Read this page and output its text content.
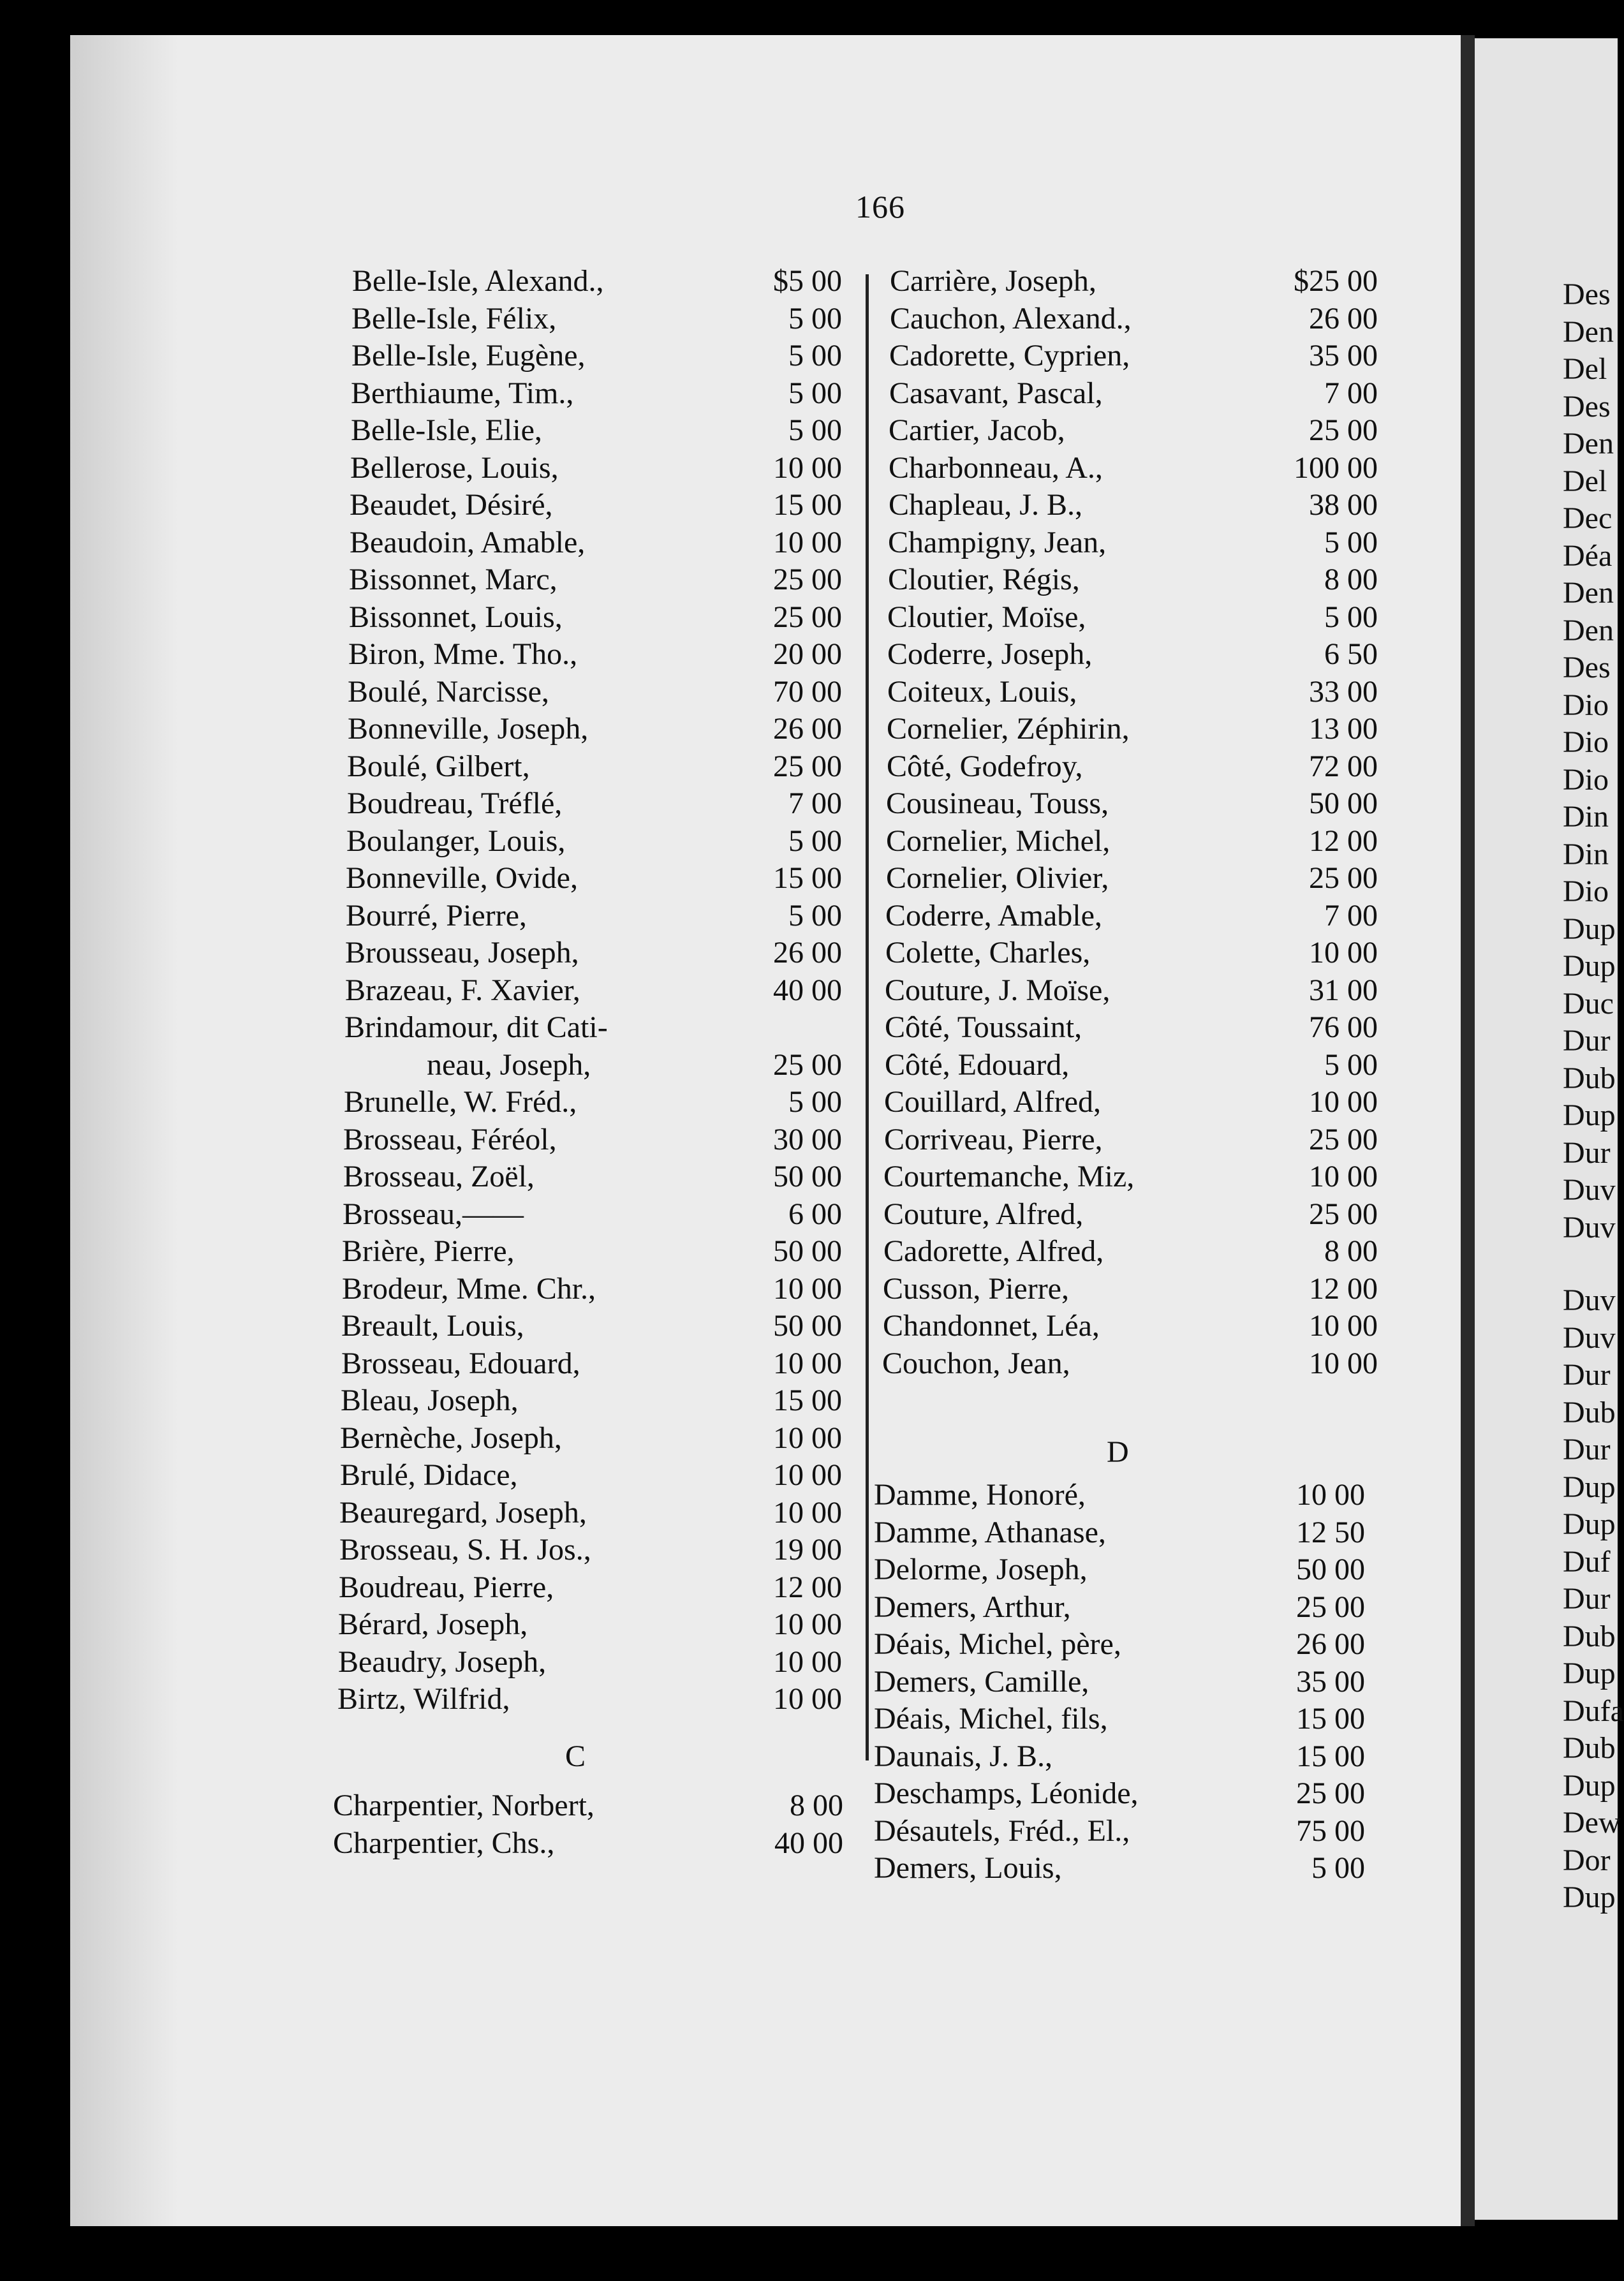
166
Belle-Isle, Alexand.,	$5 00
Belle-Isle, Félix,	5 00
Belle-Isle, Eugène,	5 00
Berthiaume, Tim.,	5 00
Belle-Isle, Elie,	5 00
Bellerose, Louis,	10 00
Beaudet, Désiré,	15 00
Beaudoin, Amable,	10 00
Bissonnet, Marc,	25 00
Bissonnet, Louis,	25 00
Biron, Mme. Tho.,	20 00
Boulé, Narcisse,	70 00
Bonneville, Joseph,	26 00
Boulé, Gilbert,	25 00
Boudreau, Tréflé,	7 00
Boulanger, Louis,	5 00
Bonneville, Ovide,	15 00
Bourré, Pierre,	5 00
Brousseau, Joseph,	26 00
Brazeau, F. Xavier,	40 00
Brindamour, dit Cati-
neau, Joseph,	25 00
Brunelle, W. Fréd.,	5 00
Brosseau, Féréol,	30 00
Brosseau, Zoël,	50 00
Brosseau,——	6 00
Brière, Pierre,	50 00
Brodeur, Mme. Chr.,	10 00
Breault, Louis,	50 00
Brosseau, Edouard,	10 00
Bleau, Joseph,	15 00
Bernèche, Joseph,	10 00
Brulé, Didace,	10 00
Beauregard, Joseph,	10 00
Brosseau, S. H. Jos.,	19 00
Boudreau, Pierre,	12 00
Bérard, Joseph,	10 00
Beaudry, Joseph,	10 00
Birtz, Wilfrid,	10 00
C
Charpentier, Norbert,	8 00
Charpentier, Chs.,	40 00
Carrière, Joseph,	$25 00
Cauchon, Alexand.,	26 00
Cadorette, Cyprien,	35 00
Casavant, Pascal,	7 00
Cartier, Jacob,	25 00
Charbonneau, A.,	100 00
Chapleau, J. B.,	38 00
Champigny, Jean,	5 00
Cloutier, Régis,	8 00
Cloutier, Moïse,	5 00
Coderre, Joseph,	6 50
Coiteux, Louis,	33 00
Cornelier, Zéphirin,	13 00
Côté, Godefroy,	72 00
Cousineau, Touss,	50 00
Cornelier, Michel,	12 00
Cornelier, Olivier,	25 00
Coderre, Amable,	7 00
Colette, Charles,	10 00
Couture, J. Moïse,	31 00
Côté, Toussaint,	76 00
Côté, Edouard,	5 00
Couillard, Alfred,	10 00
Corriveau, Pierre,	25 00
Courtemanche, Miz,	10 00
Couture, Alfred,	25 00
Cadorette, Alfred,	8 00
Cusson, Pierre,	12 00
Chandonnet, Léa,	10 00
Couchon, Jean,	10 00
D
Damme, Honoré,	10 00
Damme, Athanase,	12 50
Delorme, Joseph,	50 00
Demers, Arthur,	25 00
Déais, Michel, père,	26 00
Demers, Camille,	35 00
Déais, Michel, fils,	15 00
Daunais, J. B.,	15 00
Deschamps, Léonide,	25 00
Désautels, Fréd., El.,	75 00
Demers, Louis,	5 00
Des
Den
Del
Des
Den
Del
Dec
Déa
Den
Den
Des
Dio
Dio
Dio
Din
Din
Dio
Dup
Dup
Duc
Dur
Dub
Dup
Dur
Duv
Duv
Duv
Duv
Dur
Dub
Dur
Dup
Dup
Duf
Dur
Dub
Dup
Dufa
Dub
Dup
Dew
Dor
Dup
